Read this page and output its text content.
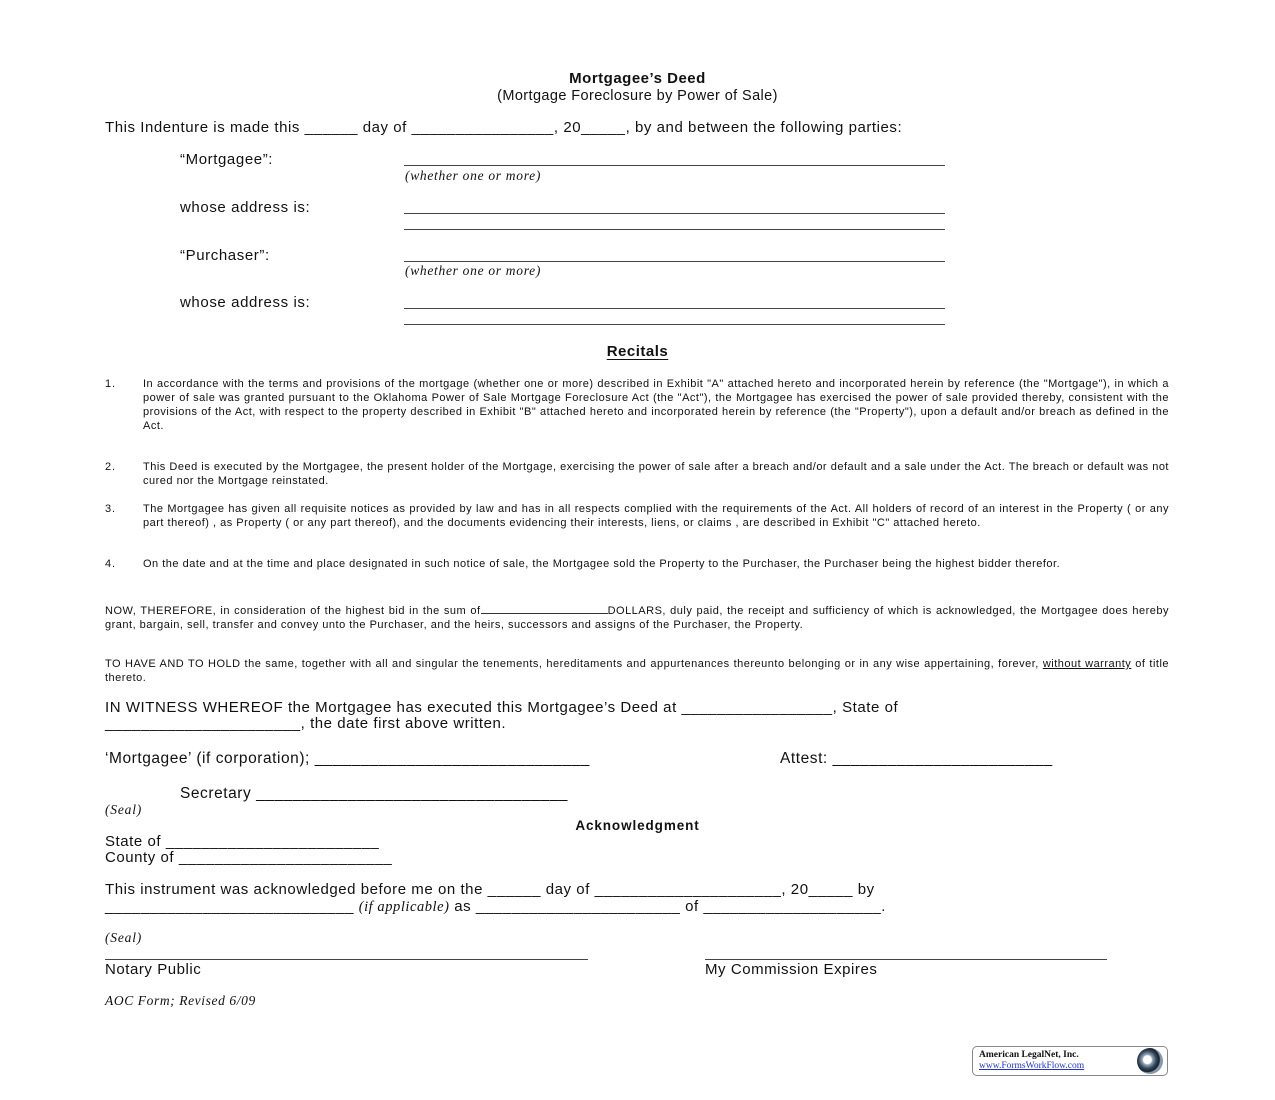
Mortgagee’s Deed
(Mortgage Foreclosure by Power of Sale)
This Indenture is made this ______ day of ________________, 20_____, by and between the following parties:
“Mortgagee”:
(whether one or more)
whose address is:
“Purchaser”:
(whether one or more)
whose address is:
Recitals
1. In accordance with the terms and provisions of the mortgage (whether one or more) described in Exhibit "A" attached hereto and incorporated herein by reference (the "Mortgage"), in which a power of sale was granted pursuant to the Oklahoma Power of Sale Mortgage Foreclosure Act (the "Act"), the Mortgagee has exercised the power of sale provided thereby, consistent with the provisions of the Act, with respect to the property described in Exhibit "B" attached hereto and incorporated herein by reference (the "Property"), upon a default and/or breach as defined in the Act.
2. This Deed is executed by the Mortgagee, the present holder of the Mortgage, exercising the power of sale after a breach and/or default and a sale under the Act. The breach or default was not cured nor the Mortgage reinstated.
3. The Mortgagee has given all requisite notices as provided by law and has in all respects complied with the requirements of the Act. All holders of record of an interest in the Property ( or any part thereof) , as Property ( or any part thereof), and the documents evidencing their interests, liens, or claims , are described in Exhibit "C" attached hereto.
4. On the date and at the time and place designated in such notice of sale, the Mortgagee sold the Property to the Purchaser, the Purchaser being the highest bidder therefor.
NOW, THEREFORE, in consideration of the highest bid in the sum of	DOLLARS, duly paid, the receipt and sufficiency of which is acknowledged, the Mortgagee does hereby grant, bargain, sell, transfer and convey unto the Purchaser, and the heirs, successors and assigns of the Purchaser, the Property.
TO HAVE AND TO HOLD the same, together with all and singular the tenements, hereditaments and appurtenances thereunto belonging or in any wise appertaining, forever, without warranty of title thereto.
IN WITNESS WHEREOF the Mortgagee has executed this Mortgagee’s Deed at _________________, State of
______________________, the date first above written.
‘Mortgagee’ (if corporation); ______________________________	Attest: ________________________
Secretary __________________________________
(Seal)
Acknowledgment
State of ________________________
County of ________________________
This instrument was acknowledged before me on the ______ day of _____________________, 20_____ by
____________________________ (if applicable) as _______________________ of ____________________.
(Seal)
Notary Public	My Commission Expires
AOC Form; Revised 6/09
American LegalNet, Inc.
www.FormsWorkFlow.com
